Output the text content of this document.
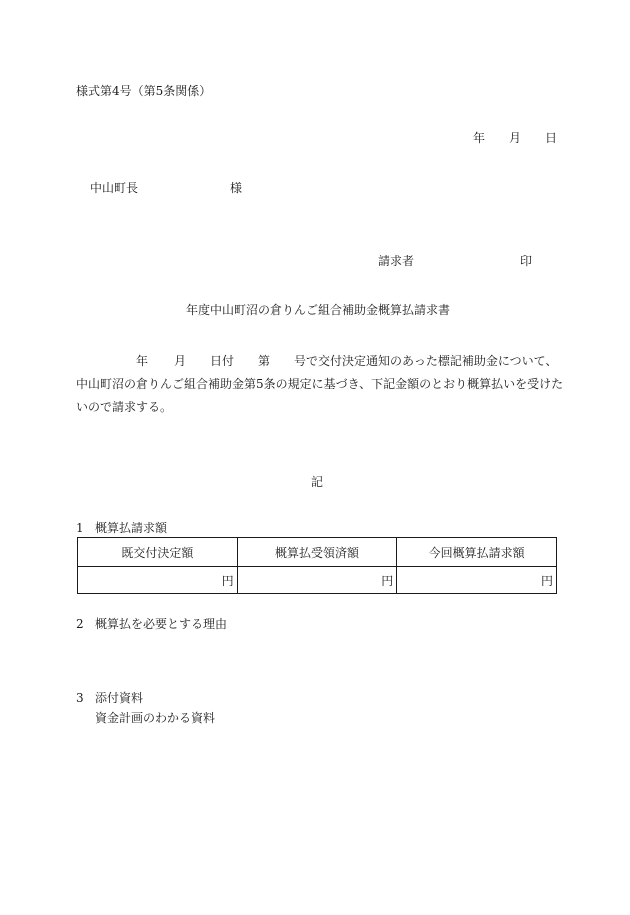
様式第4号（第5条関係）
年 月 日
中山町長	様
請求者	印
年度中山町沼の倉りんご組合補助金概算払請求書
年 月 日付 第 号で交付決定通知のあった標記補助金について、
中山町沼の倉りんご組合補助金第5条の規定に基づき、下記金額のとおり概算払いを受けた
いので請求する。
記
1 概算払請求額
既交付決定額	概算払受領済額	今回概算払請求額
円	円	円
2 概算払を必要とする理由
3 添付資料
資金計画のわかる資料
